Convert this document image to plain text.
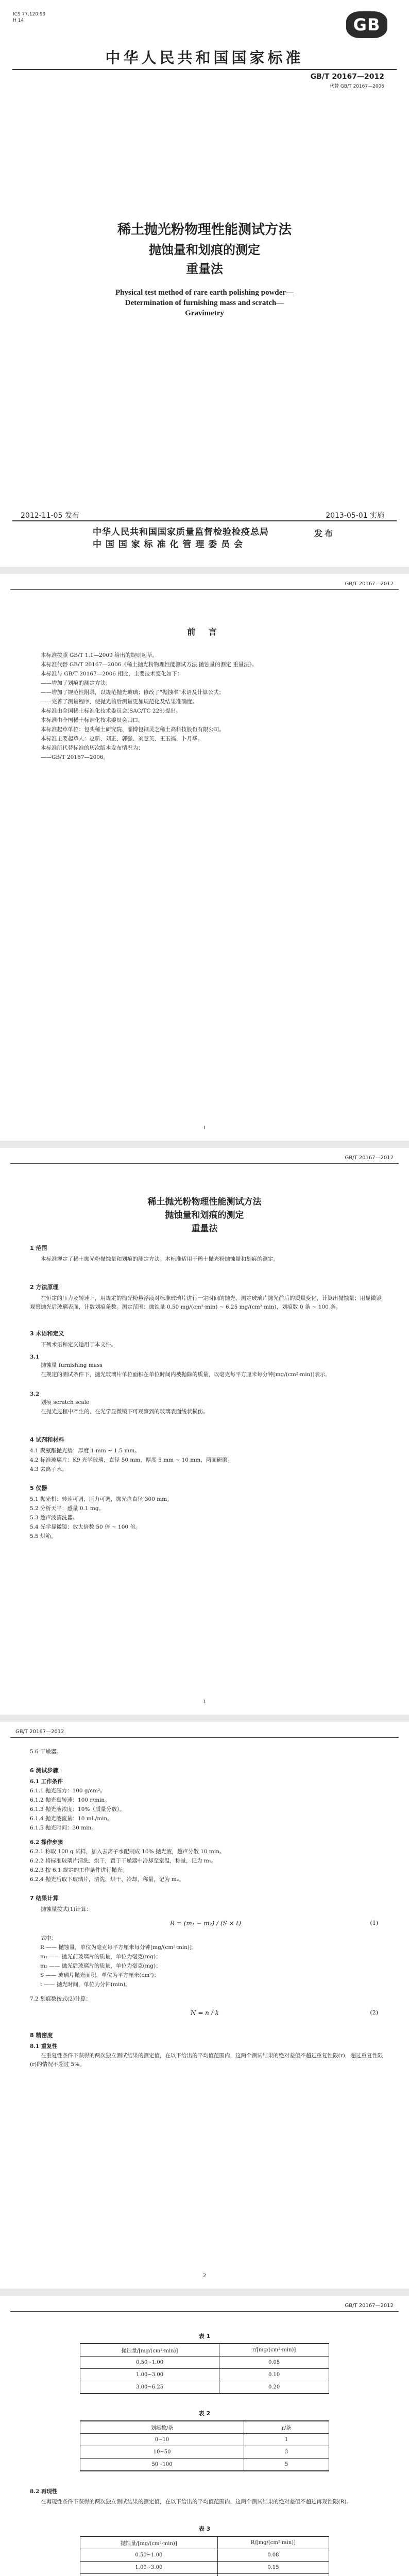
ICS 77.120.99
H 14	GB
中华人民共和国国家标准
GB/T 20167—2012
代替 GB/T 20167—2006
稀土抛光粉物理性能测试方法
抛蚀量和划痕的测定
重量法
Physical test method of rare earth polishing powder—
Determination of furnishing mass and scratch—
Gravimetry
2012-11-05 发布	2013-05-01 实施
中华人民共和国国家质量监督检验检疫总局
中 国 国 家 标 准 化 管 理 委 员 会
发布
GB/T 20167—2012
前 言
本标准按照 GB/T 1.1—2009 给出的规则起草。
本标准代替 GB/T 20167—2006《稀土抛光粉物理性能测试方法 抛蚀量的测定 重量法》。
本标准与 GB/T 20167—2006 相比，主要技术变化如下：
——增加了划痕的测定方法；
——增加了规范性附录，以规范抛光玻璃；修改了"抛蚀率"术语及计算公式；
——完善了测量程序，使抛光前后测量更加规范化及结果准确度。
本标准由全国稀土标准化技术委员会(SAC/TC 229)提出。
本标准由全国稀土标准化技术委员会归口。
本标准起草单位：包头稀土研究院、淄博包钢灵芝稀土高科技股份有限公司。
本标准主要起草人：赵新、刘正、郭强、刘慧英、王玉福、卜月华。
本标准所代替标准的历次版本发布情况为：
——GB/T 20167—2006。
I
GB/T 20167—2012
稀土抛光粉物理性能测试方法
抛蚀量和划痕的测定
重量法
1 范围
本标准规定了稀土抛光粉抛蚀量和划痕的测定方法。本标准适用于稀土抛光粉抛蚀量和划痕的测定。
2 方法原理
在恒定的压力及转速下，用规定的抛光粉悬浮液对标准玻璃片进行一定时间的抛光，测定玻璃片抛光前后的质量变化，计算出抛蚀量；用显微镜观察抛光后玻璃表面，计数划痕条数。测定范围：抛蚀量 0.50 mg/(cm²·min) ~ 6.25 mg/(cm²·min)，划痕数 0 条 ~ 100 条。
3 术语和定义
下列术语和定义适用于本文件。
3.1
抛蚀量 furnishing mass
在规定的测试条件下，抛光玻璃片单位面积在单位时间内被抛除的质量，以毫克每平方厘米每分钟[mg/(cm²·min)]表示。
3.2
划痕 scratch scale
在抛光过程中产生的、在光学显微镜下可观察到的玻璃表面线状损伤。
4 试剂和材料
4.1 聚氨酯抛光垫：厚度 1 mm ~ 1.5 mm。
4.2 标准玻璃片：K9 光学玻璃，直径 50 mm，厚度 5 mm ~ 10 mm，两面研磨。
4.3 去离子水。
5 仪器
5.1 抛光机：转速可调，压力可调，抛光盘直径 300 mm。
5.2 分析天平：感量 0.1 mg。
5.3 超声波清洗器。
5.4 光学显微镜：放大倍数 50 倍 ~ 100 倍。
5.5 烘箱。
1
GB/T 20167—2012
5.6 干燥器。
6 测试步骤
6.1 工作条件
6.1.1 抛光压力：100 g/cm²。
6.1.2 抛光盘转速：100 r/min。
6.1.3 抛光液浓度：10%（质量分数）。
6.1.4 抛光液流量：10 mL/min。
6.1.5 抛光时间：30 min。
6.2 操作步骤
6.2.1 称取 100 g 试样，加入去离子水配制成 10% 抛光液，超声分散 10 min。
6.2.2 将标准玻璃片清洗、烘干，置于干燥器中冷却至室温，称量，记为 m₁。
6.2.3 按 6.1 规定的工作条件进行抛光。
6.2.4 抛光后取下玻璃片，清洗、烘干、冷却，称量，记为 m₂。
7 结果计算
抛蚀量按式(1)计算：
R = (m₁ − m₂) / (S × t)	(1)
式中：
R —— 抛蚀量，单位为毫克每平方厘米每分钟[mg/(cm²·min)]；
m₁ —— 抛光前玻璃片的质量，单位为毫克(mg)；
m₂ —— 抛光后玻璃片的质量，单位为毫克(mg)；
S —— 玻璃片抛光面积，单位为平方厘米(cm²)；
t —— 抛光时间，单位为分钟(min)。
7.2 划痕数按式(2)计算：
N = n / k	(2)
8 精密度
8.1 重复性
在重复性条件下获得的两次独立测试结果的测定值，在以下给出的平均值范围内，这两个测试结果的绝对差值不超过重复性限(r)，超过重复性限(r)的情况不超过 5%。
2
GB/T 20167—2012
表 1
抛蚀量/[mg/(cm²·min)]	r/[mg/(cm²·min)]
0.50~1.00	0.05
1.00~3.00	0.10
3.00~6.25	0.20
表 2
划痕数/条	r/条
0~10	1
10~50	3
50~100	5
8.2 再现性
在再现性条件下获得的两次独立测试结果的测定值，在以下给出的平均值范围内，这两个测试结果的绝对差值不超过再现性限(R)。
表 3
抛蚀量/[mg/(cm²·min)]	R/[mg/(cm²·min)]
0.50~1.00	0.08
1.00~3.00	0.15
